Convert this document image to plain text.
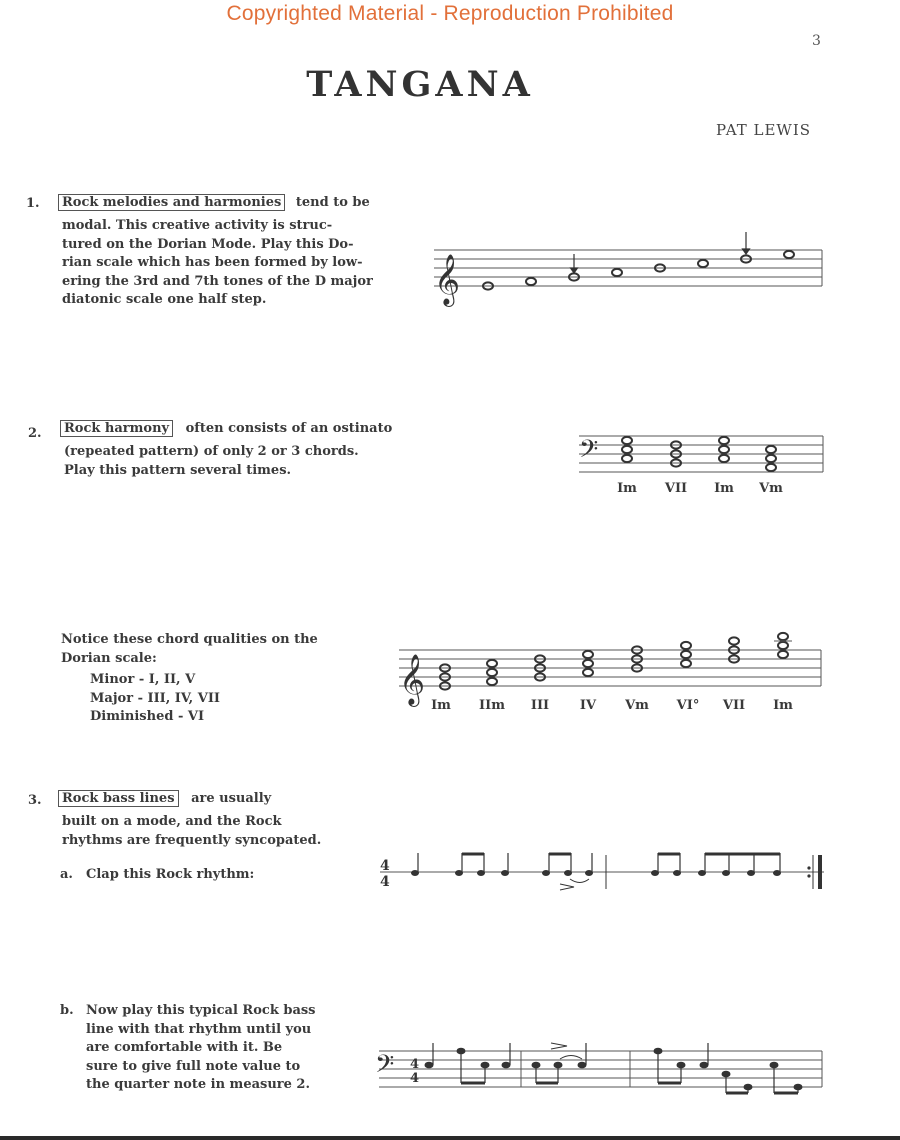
Copyrighted Material - Reproduction Prohibited
3
TANGANA
PAT LEWIS
1.	Rock melodies and harmonies tend to be
modal. This creative activity is struc-
tured on the Dorian Mode. Play this Do-
rian scale which has been formed by low-
ering the 3rd and 7th tones of the D major
diatonic scale one half step.	𝄞
2.	Rock harmony often consists of an ostinato
(repeated pattern) of only 2 or 3 chords.
Play this pattern several times.	𝄢
Im VII Im Vm
Notice these chord qualities on the
Dorian scale:
Minor - I, II, V
Major - III, IV, VII
Diminished - VI
𝄞
Im IIm III IV Vm VI° VII Im
3.	Rock bass lines are usually
built on a mode, and the Rock
rhythms are frequently syncopated.
a. Clap this Rock rhythm:
4
4
b. Now play this typical Rock bass
line with that rhythm until you
are comfortable with it. Be
sure to give full note value to
the quarter note in measure 2. 𝄢 4
4
